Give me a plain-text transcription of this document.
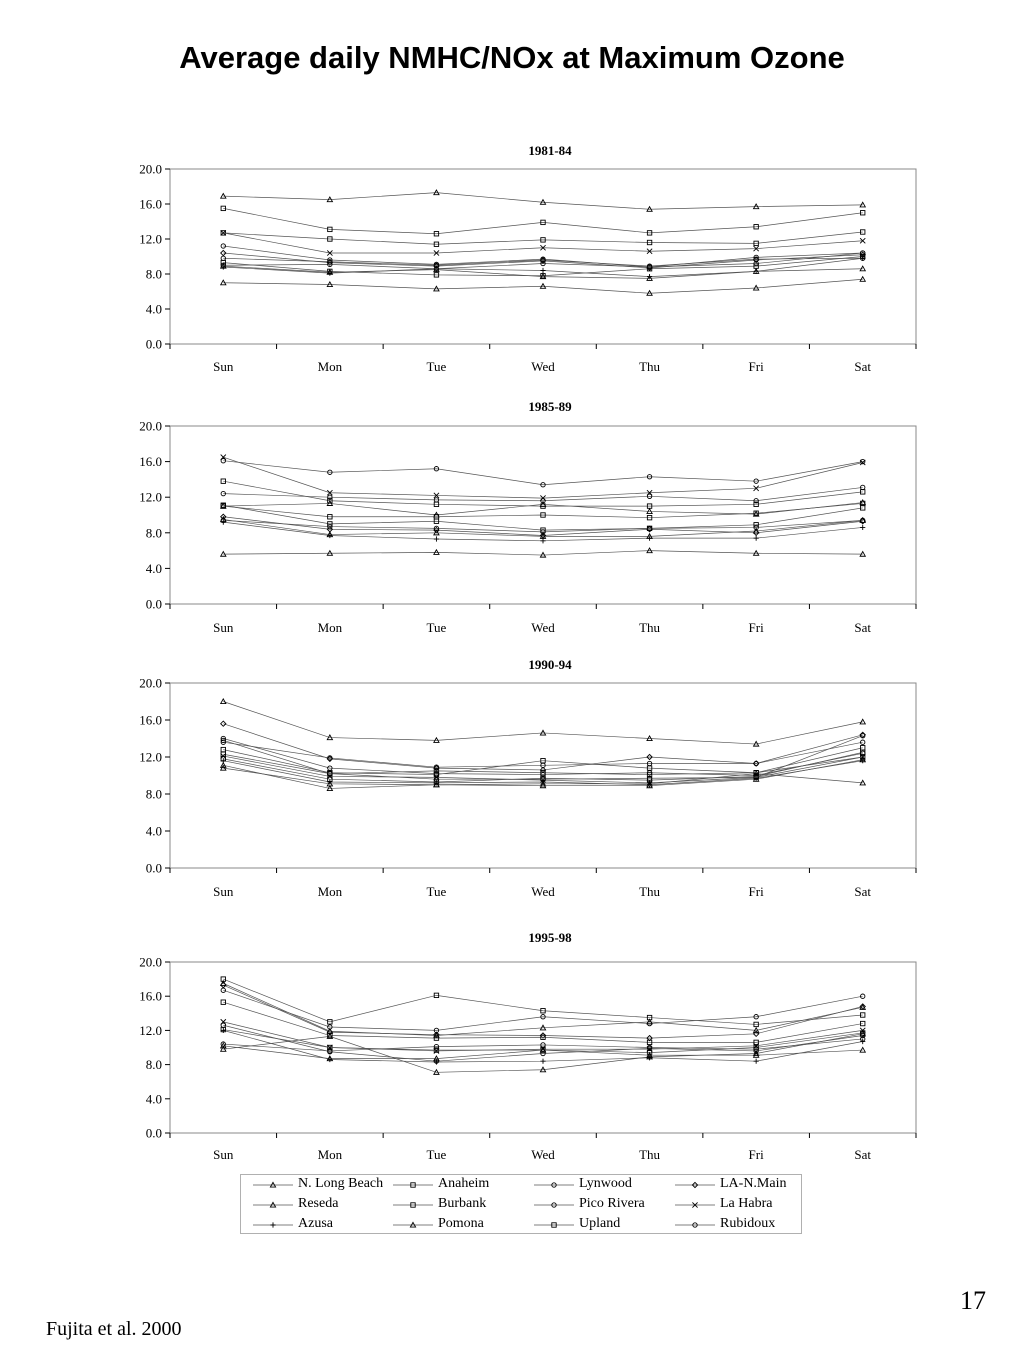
Average daily NMHC/NOx at Maximum Ozone
1981-84
0.0
4.0
8.0
12.0
16.0
20.0
Sun	Mon	Tue	Wed	Thu	Fri	Sat
1985-89
0.0
4.0
8.0
12.0
16.0
20.0
Sun	Mon	Tue	Wed	Thu	Fri	Sat
1990-94
0.0
4.0
8.0
12.0
16.0
20.0
Sun	Mon	Tue	Wed	Thu	Fri	Sat
1995-98
0.0
4.0
8.0
12.0
16.0
20.0
Sun	Mon	Tue	Wed	Thu	Fri	Sat
N. Long Beach	Anaheim	Lynwood	LA-N.Main
Reseda	Burbank	Pico Rivera	La Habra
Azusa	Pomona	Upland	Rubidoux
Fujita et al. 2000
17
